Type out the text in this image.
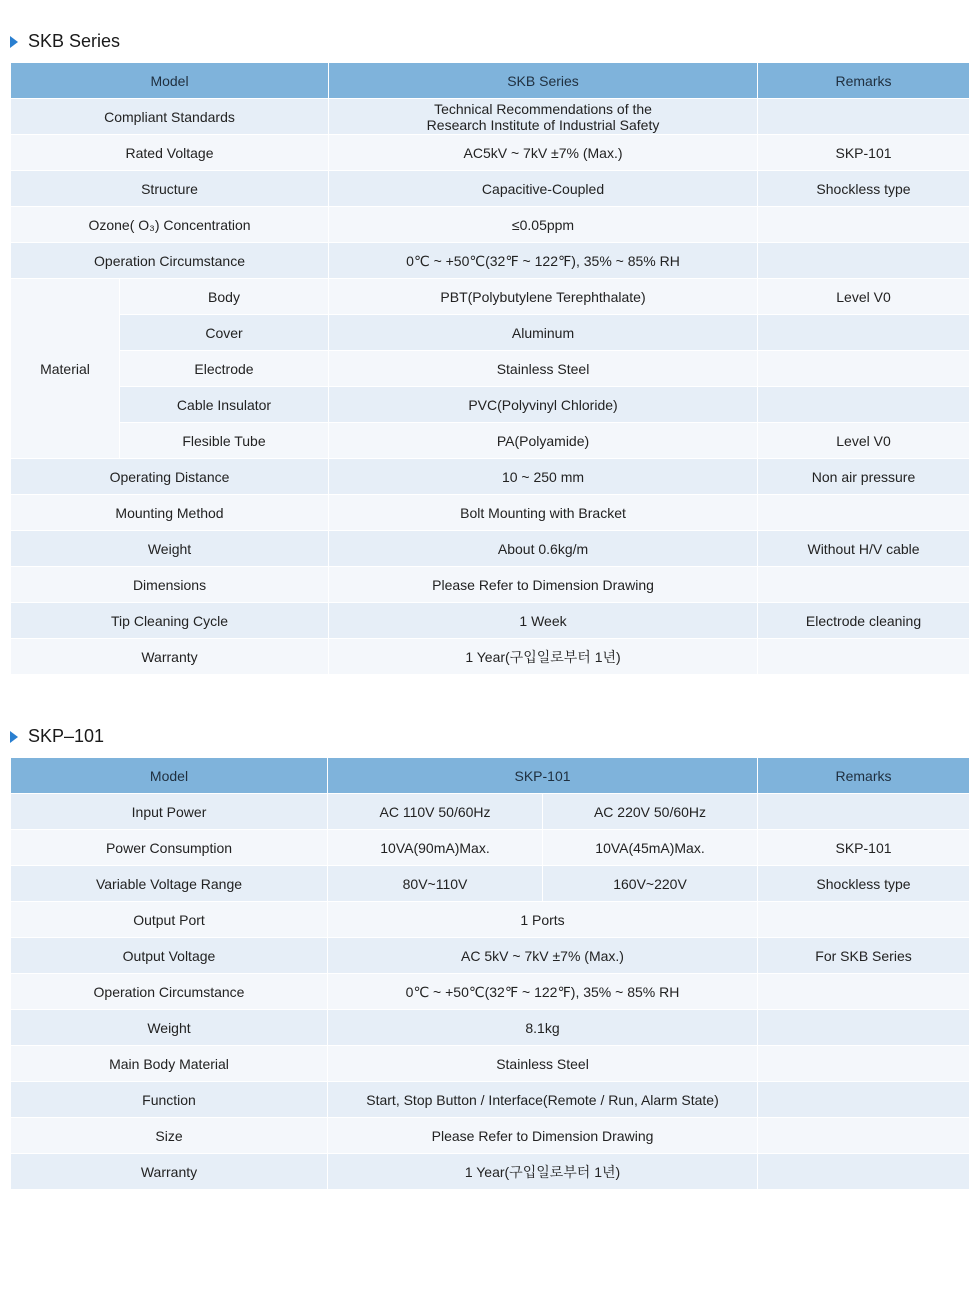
SKB Series
Model		SKB Series	Remarks
Compliant Standards		Technical Recommendations of the
Research Institute of Industrial Safety	
Rated Voltage		AC5kV ~ 7kV ±7% (Max.)	SKP-101
Structure		Capacitive-Coupled	Shockless type
Ozone( O₃) Concentration		≤0.05ppm	
Operation Circumstance		0℃ ~ +50℃(32℉ ~ 122℉), 35% ~ 85% RH	
Material	Body	PBT(Polybutylene Terephthalate)	Level V0
	Cover	Aluminum	
	Electrode	Stainless Steel	
	Cable Insulator	PVC(Polyvinyl Chloride)	
	Flesible Tube	PA(Polyamide)	Level V0
Operating Distance		10 ~ 250 mm	Non air pressure
Mounting Method		Bolt Mounting with Bracket	
Weight		About 0.6kg/m	Without H/V cable
Dimensions		Please Refer to Dimension Drawing	
Tip Cleaning Cycle		1 Week	Electrode cleaning
Warranty		1 Year(구입일로부터 1년)	
SKP–101
Model	SKP-101		Remarks
Input Power	AC 110V 50/60Hz	AC 220V 50/60Hz	
Power Consumption	10VA(90mA)Max.	10VA(45mA)Max.	SKP-101
Variable Voltage Range	80V~110V	160V~220V	Shockless type
Output Port	1 Ports		
Output Voltage	AC 5kV ~ 7kV ±7% (Max.)		For SKB Series
Operation Circumstance	0℃ ~ +50℃(32℉ ~ 122℉), 35% ~ 85% RH		
Weight	8.1kg		
Main Body Material	Stainless Steel		
Function	Start, Stop Button / Interface(Remote / Run, Alarm State)		
Size	Please Refer to Dimension Drawing		
Warranty	1 Year(구입일로부터 1년)		
